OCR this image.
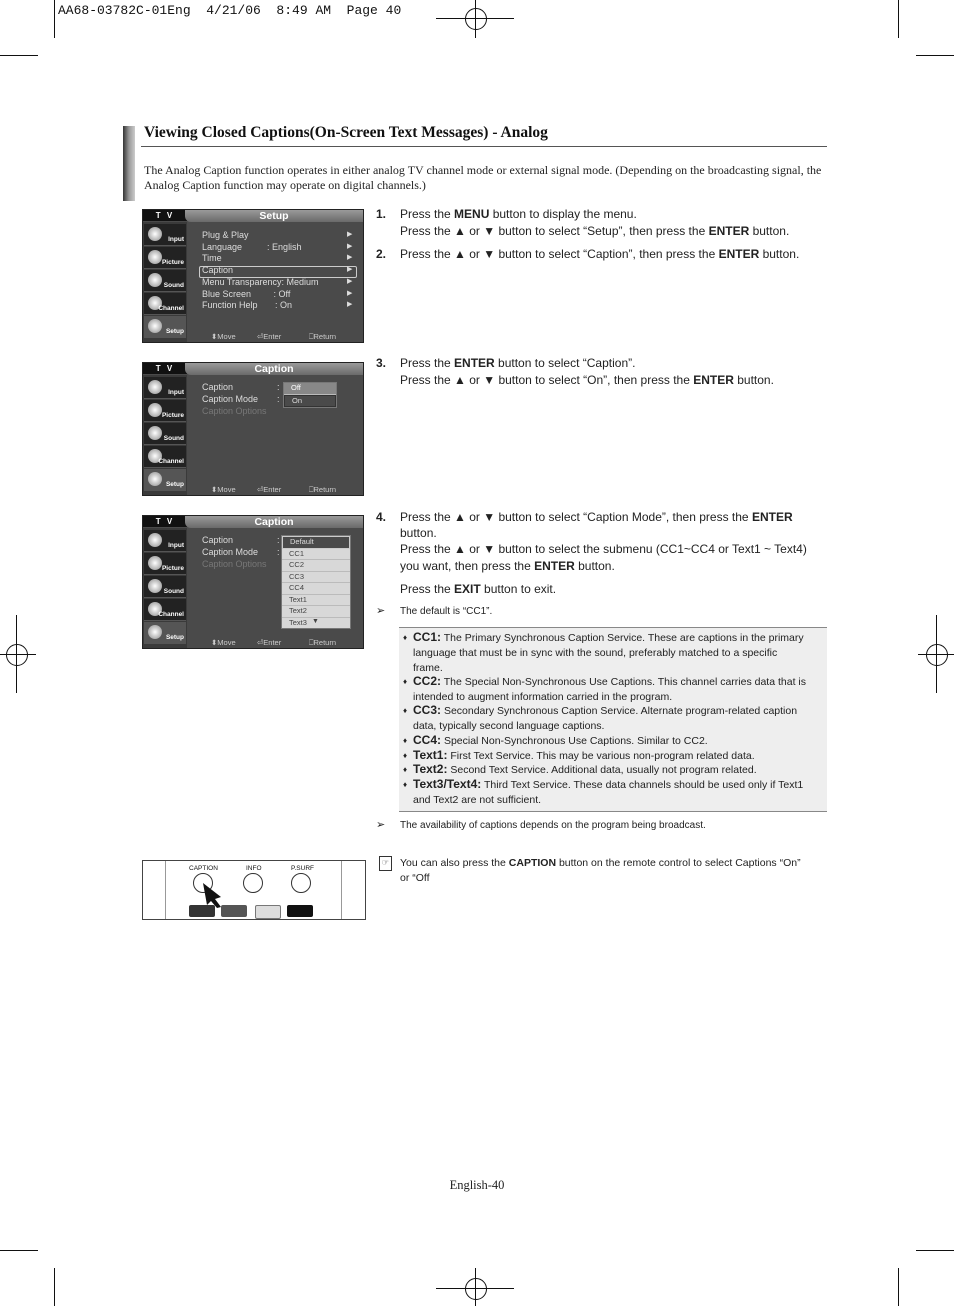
AA68-03782C-01Eng  4/21/06  8:49 AM  Page 40
Viewing Closed Captions(On-Screen Text Messages) - Analog
The Analog Caption function operates in either analog TV channel mode or external signal mode. (Depending on the broadcasting signal, the Analog Caption function may operate on digital channels.)
T V	Setup
Input
Picture
Sound
Channel
Setup
Plug & Play	▶
Language          : English	▶
Time	▶
Caption	▶
Menu Transparency: Medium	▶
Blue Screen         : Off	▶
Function Help       : On	▶
⬍ Move	⏎ Enter	⎕ Return
T V	Caption
Input
Picture
Sound
Channel
Setup
Caption	:
Caption Mode :
Caption Options
Off
On
⬍ Move	⏎ Enter	⎕ Return
T V	Caption
Input
Picture
Sound
Channel
Setup
Caption	:
Caption Mode :
Caption Options
Default
CC1
CC2
CC3
CC4
Text1
Text2
Text3 ▼
⬍ Move	⏎ Enter	⎕ Return
1. Press the MENU button to display the menu.
Press the ▲ or ▼ button to select “Setup”, then press the ENTER button.
2. Press the ▲ or ▼ button to select “Caption”, then press the ENTER button.
3. Press the ENTER button to select “Caption”.
Press the ▲ or ▼ button to select “On”, then press the ENTER button.
4. Press the ▲ or ▼ button to select “Caption Mode”, then press the ENTER
button.
Press the ▲ or ▼ button to select the submenu (CC1~CC4 or Text1 ~ Text4)
you want, then press the ENTER button.
Press the EXIT button to exit.
➢ The default is “CC1”.
♦ CC1: The Primary Synchronous Caption Service. These are captions in the primary
language that must be in sync with the sound, preferably matched to a specific
frame.
♦ CC2: The Special Non-Synchronous Use Captions. This channel carries data that is
intended to augment information carried in the program.
♦ CC3: Secondary Synchronous Caption Service. Alternate program-related caption
data, typically second language captions.
♦ CC4: Special Non-Synchronous Use Captions. Similar to CC2.
♦ Text1: First Text Service. This may be various non-program related data.
♦ Text2: Second Text Service. Additional data, usually not program related.
♦ Text3/Text4: Third Text Service. These data channels should be used only if Text1
and Text2 are not sufficient.
➢ The availability of captions depends on the program being broadcast.
CAPTION	INFO	P.SURF
☞ You can also press the CAPTION button on the remote control to select Captions “On”
or “Off
English-40
